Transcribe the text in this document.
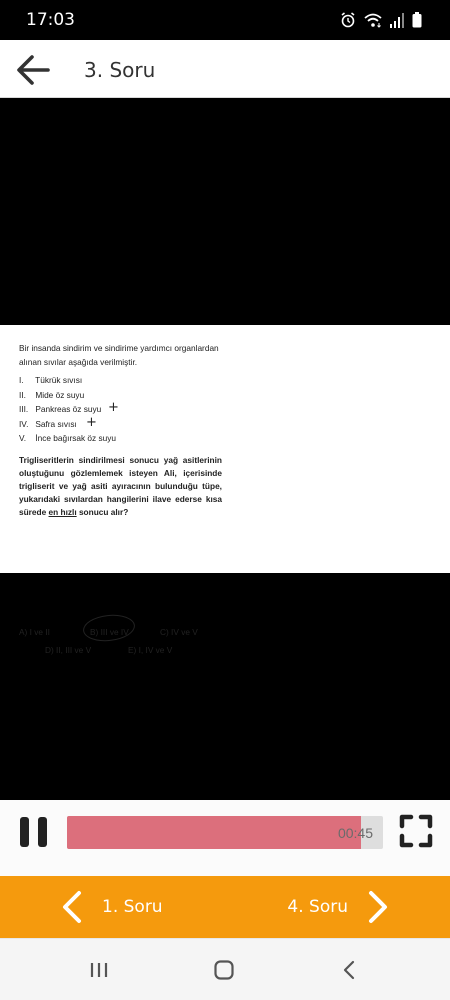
17:03
3. Soru
Bir insanda sindirim ve sindirime yardımcı organlardan alınan sıvılar aşağıda verilmiştir.
I. Tükrük sıvısı
II. Mide öz suyu
III. Pankreas öz suyu +
IV. Safra sıvısı +
V. İnce bağırsak öz suyu
Trigliseritlerin sindirilmesi sonucu yağ asitlerinin oluştuğunu gözlemlemek isteyen Ali, içerisinde trigliserit ve yağ asiti ayıracının bulunduğu tüpe, yukarıdaki sıvılardan hangilerini ilave ederse kısa sürede en hızlı sonucu alır?
A) I ve II	B) III ve IV	C) IV ve V
D) II, III ve V	E) I, IV ve V
00:45
1. Soru	4. Soru
